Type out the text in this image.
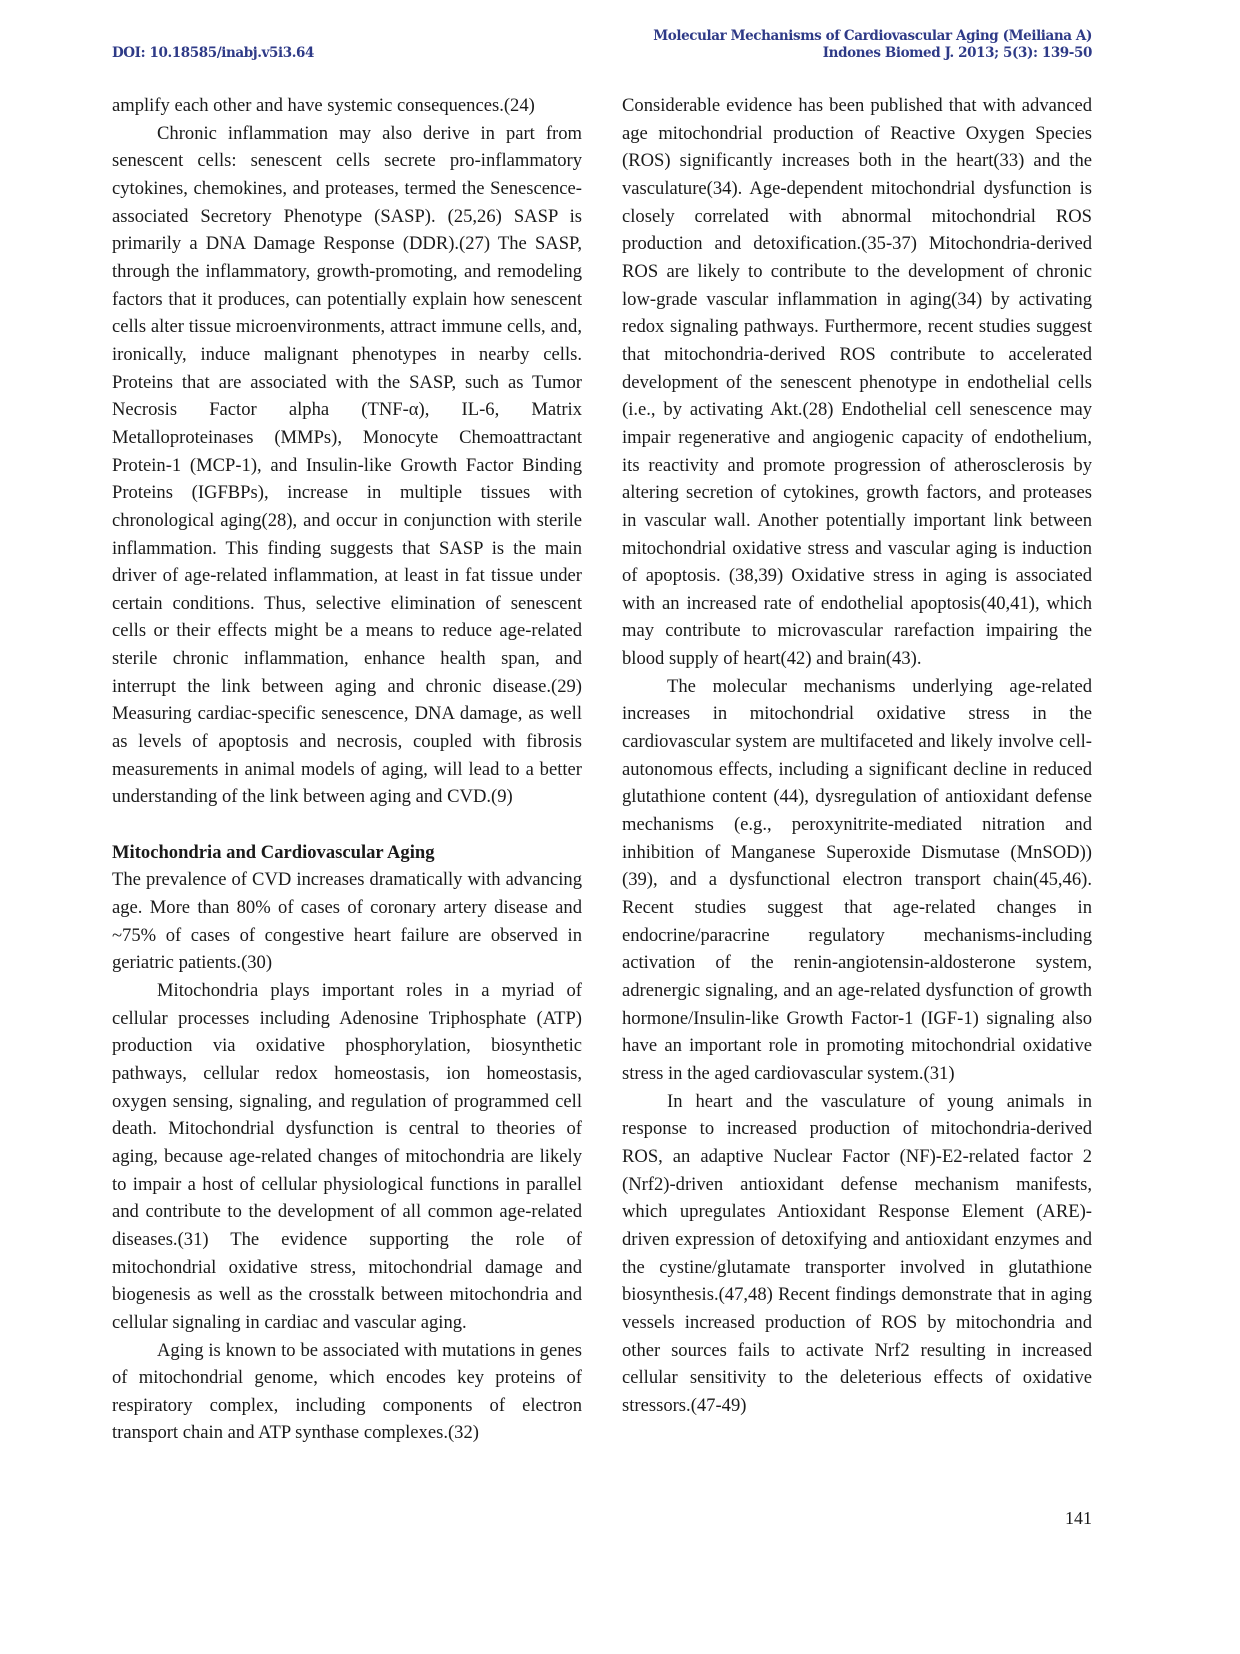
DOI: 10.18585/inabj.v5i3.64
Molecular Mechanisms of Cardiovascular Aging (Meiliana A)
Indones Biomed J. 2013; 5(3): 139-50

amplify each other and have systemic consequences.(24)

Chronic inflammation may also derive in part from senescent cells: senescent cells secrete pro-inflammatory cytokines, chemokines, and proteases, termed the Senescence-associated Secretory Phenotype (SASP). (25,26) SASP is primarily a DNA Damage Response (DDR).(27) The SASP, through the inflammatory, growth-promoting, and remodeling factors that it produces, can potentially explain how senescent cells alter tissue microenvironments, attract immune cells, and, ironically, induce malignant phenotypes in nearby cells. Proteins that are associated with the SASP, such as Tumor Necrosis Factor alpha (TNF-α), IL-6, Matrix Metalloproteinases (MMPs), Monocyte Chemoattractant Protein-1 (MCP-1), and Insulin-like Growth Factor Binding Proteins (IGFBPs), increase in multiple tissues with chronological aging(28), and occur in conjunction with sterile inflammation. This finding suggests that SASP is the main driver of age-related inflammation, at least in fat tissue under certain conditions. Thus, selective elimination of senescent cells or their effects might be a means to reduce age-related sterile chronic inflammation, enhance health span, and interrupt the link between aging and chronic disease.(29) Measuring cardiac-specific senescence, DNA damage, as well as levels of apoptosis and necrosis, coupled with fibrosis measurements in animal models of aging, will lead to a better understanding of the link between aging and CVD.(9)

Mitochondria and Cardiovascular Aging

The prevalence of CVD increases dramatically with advancing age. More than 80% of cases of coronary artery disease and ~75% of cases of congestive heart failure are observed in geriatric patients.(30)

Mitochondria plays important roles in a myriad of cellular processes including Adenosine Triphosphate (ATP) production via oxidative phosphorylation, biosynthetic pathways, cellular redox homeostasis, ion homeostasis, oxygen sensing, signaling, and regulation of programmed cell death. Mitochondrial dysfunction is central to theories of aging, because age-related changes of mitochondria are likely to impair a host of cellular physiological functions in parallel and contribute to the development of all common age-related diseases.(31) The evidence supporting the role of mitochondrial oxidative stress, mitochondrial damage and biogenesis as well as the crosstalk between mitochondria and cellular signaling in cardiac and vascular aging.

Aging is known to be associated with mutations in genes of mitochondrial genome, which encodes key proteins of respiratory complex, including components of electron transport chain and ATP synthase complexes.(32)

Considerable evidence has been published that with advanced age mitochondrial production of Reactive Oxygen Species (ROS) significantly increases both in the heart(33) and the vasculature(34). Age-dependent mitochondrial dysfunction is closely correlated with abnormal mitochondrial ROS production and detoxification.(35-37) Mitochondria-derived ROS are likely to contribute to the development of chronic low-grade vascular inflammation in aging(34) by activating redox signaling pathways. Furthermore, recent studies suggest that mitochondria-derived ROS contribute to accelerated development of the senescent phenotype in endothelial cells (i.e., by activating Akt.(28) Endothelial cell senescence may impair regenerative and angiogenic capacity of endothelium, its reactivity and promote progression of atherosclerosis by altering secretion of cytokines, growth factors, and proteases in vascular wall. Another potentially important link between mitochondrial oxidative stress and vascular aging is induction of apoptosis. (38,39) Oxidative stress in aging is associated with an increased rate of endothelial apoptosis(40,41), which may contribute to microvascular rarefaction impairing the blood supply of heart(42) and brain(43).

The molecular mechanisms underlying age-related increases in mitochondrial oxidative stress in the cardiovascular system are multifaceted and likely involve cell-autonomous effects, including a significant decline in reduced glutathione content (44), dysregulation of antioxidant defense mechanisms (e.g., peroxynitrite-mediated nitration and inhibition of Manganese Superoxide Dismutase (MnSOD))(39), and a dysfunctional electron transport chain(45,46). Recent studies suggest that age-related changes in endocrine/paracrine regulatory mechanisms-including activation of the renin-angiotensin-aldosterone system, adrenergic signaling, and an age-related dysfunction of growth hormone/Insulin-like Growth Factor-1 (IGF-1) signaling also have an important role in promoting mitochondrial oxidative stress in the aged cardiovascular system.(31)

In heart and the vasculature of young animals in response to increased production of mitochondria-derived ROS, an adaptive Nuclear Factor (NF)-E2-related factor 2 (Nrf2)-driven antioxidant defense mechanism manifests, which upregulates Antioxidant Response Element (ARE)-driven expression of detoxifying and antioxidant enzymes and the cystine/glutamate transporter involved in glutathione biosynthesis.(47,48) Recent findings demonstrate that in aging vessels increased production of ROS by mitochondria and other sources fails to activate Nrf2 resulting in increased cellular sensitivity to the deleterious effects of oxidative stressors.(47-49)

141
